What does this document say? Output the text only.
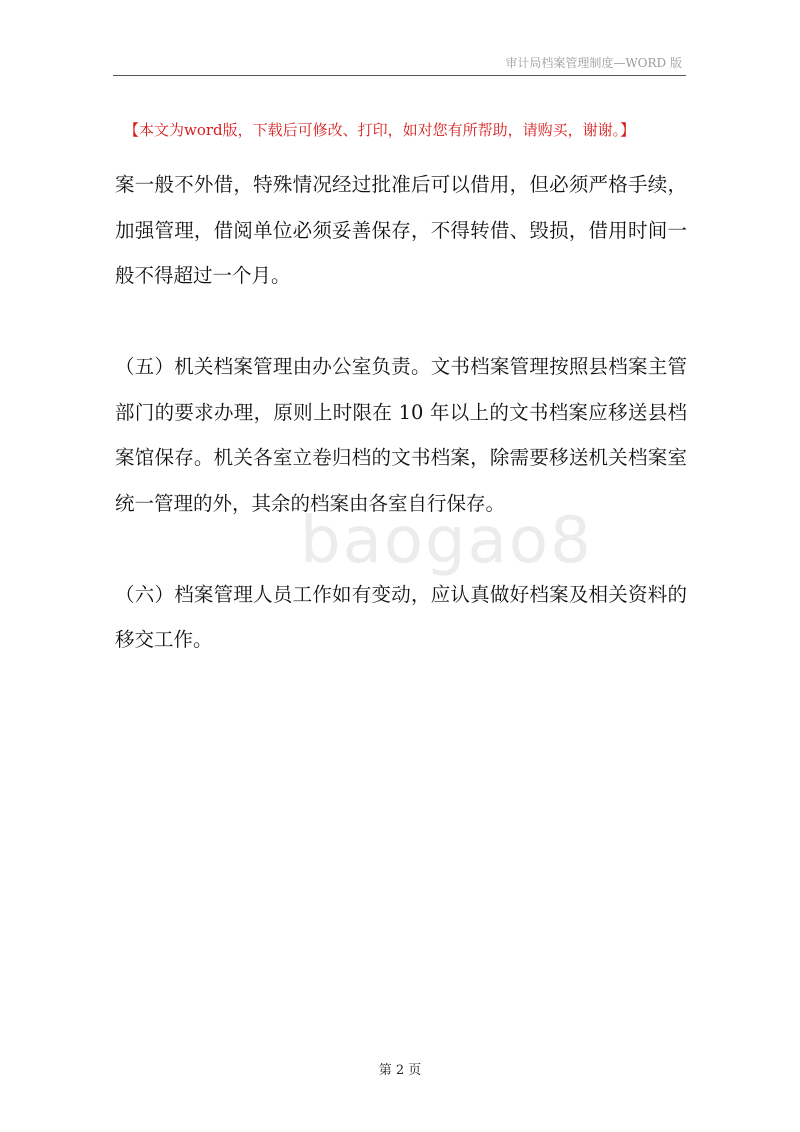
审计局档案管理制度—WORD 版
【本文为word版，下载后可修改、打印，如对您有所帮助，请购买，谢谢。】

案一般不外借，特殊情况经过批准后可以借用，但必须严格手续，加强管理，借阅单位必须妥善保存，不得转借、毁损，借用时间一般不得超过一个月。

（五）机关档案管理由办公室负责。文书档案管理按照县档案主管部门的要求办理，原则上时限在 10 年以上的文书档案应移送县档案馆保存。机关各室立卷归档的文书档案，除需要移送机关档案室统一管理的外，其余的档案由各室自行保存。

（六）档案管理人员工作如有变动，应认真做好档案及相关资料的移交工作。

baogao8
第 2 页
